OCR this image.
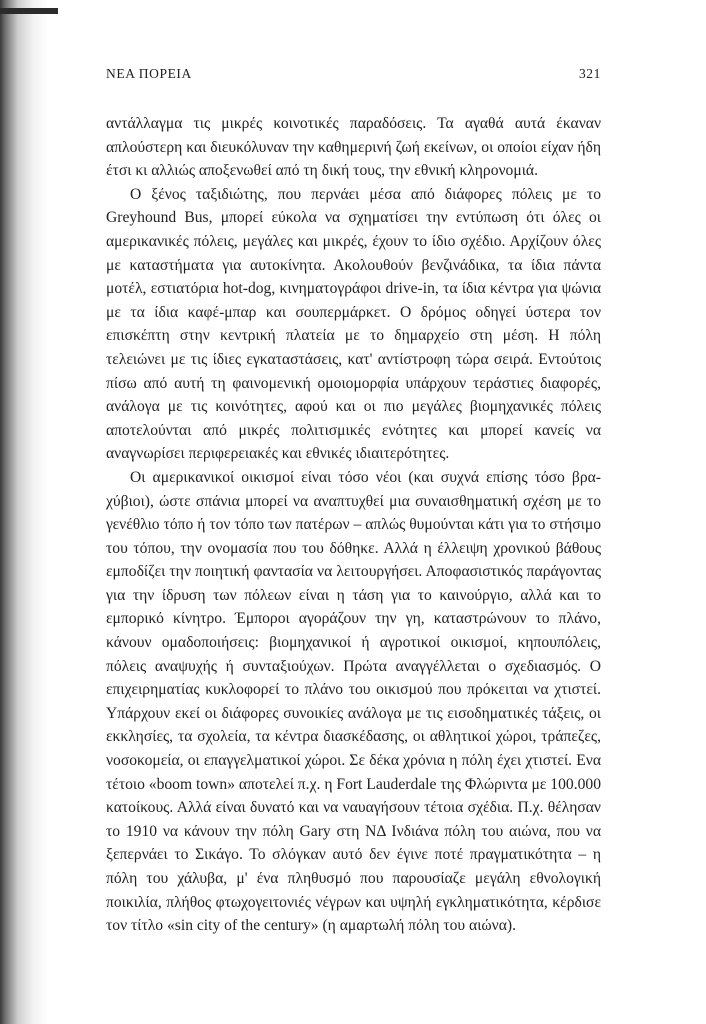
ΝΕΑ ΠΟΡΕΙΑ	321

αντάλλαγμα τις μικρές κοινοτικές παραδόσεις. Τα αγαθά αυτά έκαναν απλούστερη και διευκόλυναν την καθημερινή ζωή εκείνων, οι οποίοι είχαν ήδη έτσι κι αλλιώς αποξενωθεί από τη δική τους, την εθνική κληρονομιά.

Ο ξένος ταξιδιώτης, που περνάει μέσα από διάφορες πόλεις με το Greyhound Bus, μπορεί εύκολα να σχηματίσει την εντύπωση ότι όλες οι αμερικανικές πόλεις, μεγάλες και μικρές, έχουν το ίδιο σχέδιο. Αρχίζουν όλες με καταστήματα για αυτοκίνητα. Ακολουθούν βενζινάδικα, τα ίδια πάντα μοτέλ, εστιατόρια hot-dog, κινηματογράφοι drive-in, τα ίδια κέντρα για ψώνια με τα ίδια καφέ-μπαρ και σουπερμάρκετ. Ο δρόμος οδηγεί ύστερα τον επισκέπτη στην κεντρική πλατεία με το δημαρχείο στη μέση. Η πόλη τελειώνει με τις ίδιες εγκαταστάσεις, κατ' αντίστροφη τώρα σειρά. Εντούτοις πίσω από αυτή τη φαινομενική ομοιομορφία υπάρχουν τεράστιες διαφορές, ανάλογα με τις κοινότητες, αφού και οι πιο μεγάλες βιομηχανικές πόλεις αποτελούνται από μικρές πολιτισμικές ενότητες και μπορεί κανείς να αναγνωρίσει περιφερειακές και εθνικές ιδιαιτερότητες.

Οι αμερικανικοί οικισμοί είναι τόσο νέοι (και συχνά επίσης τόσο βραχύβιοι), ώστε σπάνια μπορεί να αναπτυχθεί μια συναισθηματική σχέση με το γενέθλιο τόπο ή τον τόπο των πατέρων – απλώς θυμούνται κάτι για το στήσιμο του τόπου, την ονομασία που του δόθηκε. Αλλά η έλλειψη χρονικού βάθους εμποδίζει την ποιητική φαντασία να λειτουργήσει. Αποφασιστικός παράγοντας για την ίδρυση των πόλεων είναι η τάση για το καινούργιο, αλλά και το εμπορικό κίνητρο. Έμποροι αγοράζουν την γη, καταστρώνουν το πλάνο, κάνουν ομαδοποιήσεις: βιομηχανικοί ή αγροτικοί οικισμοί, κηπουπόλεις, πόλεις αναψυχής ή συνταξιούχων. Πρώτα αναγγέλλεται ο σχεδιασμός. Ο επιχειρηματίας κυκλοφορεί το πλάνο του οικισμού που πρόκειται να χτιστεί. Υπάρχουν εκεί οι διάφορες συνοικίες ανάλογα με τις εισοδηματικές τάξεις, οι εκκλησίες, τα σχολεία, τα κέντρα διασκέδασης, οι αθλητικοί χώροι, τράπεζες, νοσοκομεία, οι επαγγελματικοί χώροι. Σε δέκα χρόνια η πόλη έχει χτιστεί. Ενα τέτοιο «boom town» αποτελεί π.χ. η Fort Lauderdale της Φλώριντα με 100.000 κατοίκους. Αλλά είναι δυνατό και να ναυαγήσουν τέτοια σχέδια. Π.χ. θέλησαν το 1910 να κάνουν την πόλη Gary στη ΝΔ Ινδιάνα πόλη του αιώνα, που να ξεπερνάει το Σικάγο. Το σλόγκαν αυτό δεν έγινε ποτέ πραγματικότητα – η πόλη του χάλυβα, μ' ένα πληθυσμό που παρουσίαζε μεγάλη εθνολογική ποικιλία, πλήθος φτωχογειτονιές νέγρων και υψηλή εγκληματικότητα, κέρδισε τον τίτλο «sin city of the century» (η αμαρτωλή πόλη του αιώνα).
